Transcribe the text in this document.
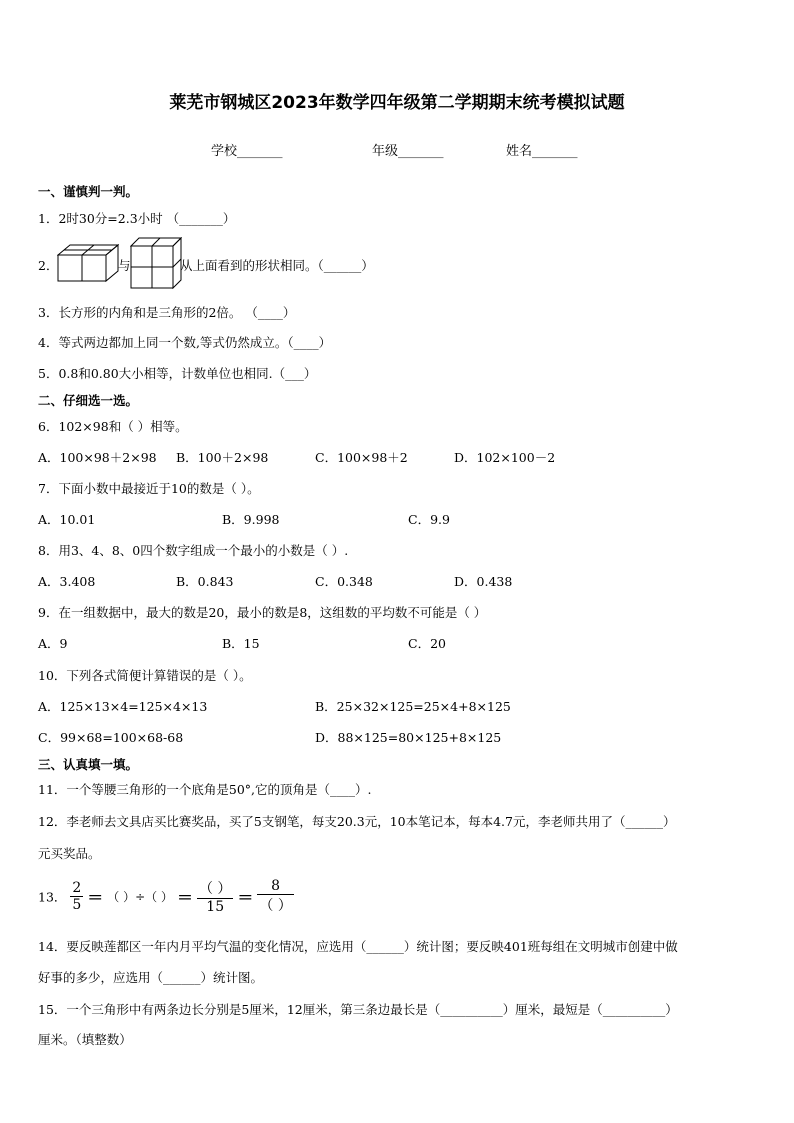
莱芜市钢城区2023年数学四年级第二学期期末统考模拟试题
学校_______	年级_______	姓名_______
一、谨慎判一判。
1．2时30分=2.3小时 （_______）
2．	与	从上面看到的形状相同。（______）
3．长方形的内角和是三角形的2倍。 （____）
4．等式两边都加上同一个数,等式仍然成立。（____）
5．0.8和0.80大小相等，计数单位也相同.（___）
二、仔细选一选。
6．102×98和（ ）相等。
A．100×98＋2×98 B．100＋2×98	C．100×98＋2	D．102×100－2
7．下面小数中最接近于10的数是（ ）。
A．10.01	B．9.998	C．9.9
8．用3、4、8、0四个数字组成一个最小的小数是（ ）.
A．3.408	B．0.843	C．0.348	D．0.438
9．在一组数据中，最大的数是20，最小的数是8，这组数的平均数不可能是（ ）
A．9	B．15	C．20
10．下列各式简便计算错误的是（ ）。
A．125×13×4=125×4×13	B．25×32×125=25×4+8×125
C．99×68=100×68-68	D．88×125=80×125+8×125
三、认真填一填。
11．一个等腰三角形的一个底角是50°,它的顶角是（____）.
12．李老师去文具店买比赛奖品，买了5支钢笔，每支20.3元，10本笔记本，每本4.7元，李老师共用了（______）
元买奖品。
13． $\frac{2}{5}$ ＝ （ ）÷（ ） ＝ $\frac{( )}{15} = \frac{8}{( )}$
14．要反映莲都区一年内月平均气温的变化情况，应选用（______）统计图；要反映401班每组在文明城市创建中做
好事的多少，应选用（______）统计图。
15．一个三角形中有两条边长分别是5厘米，12厘米，第三条边最长是（__________）厘米，最短是（__________）
厘米。（填整数）
